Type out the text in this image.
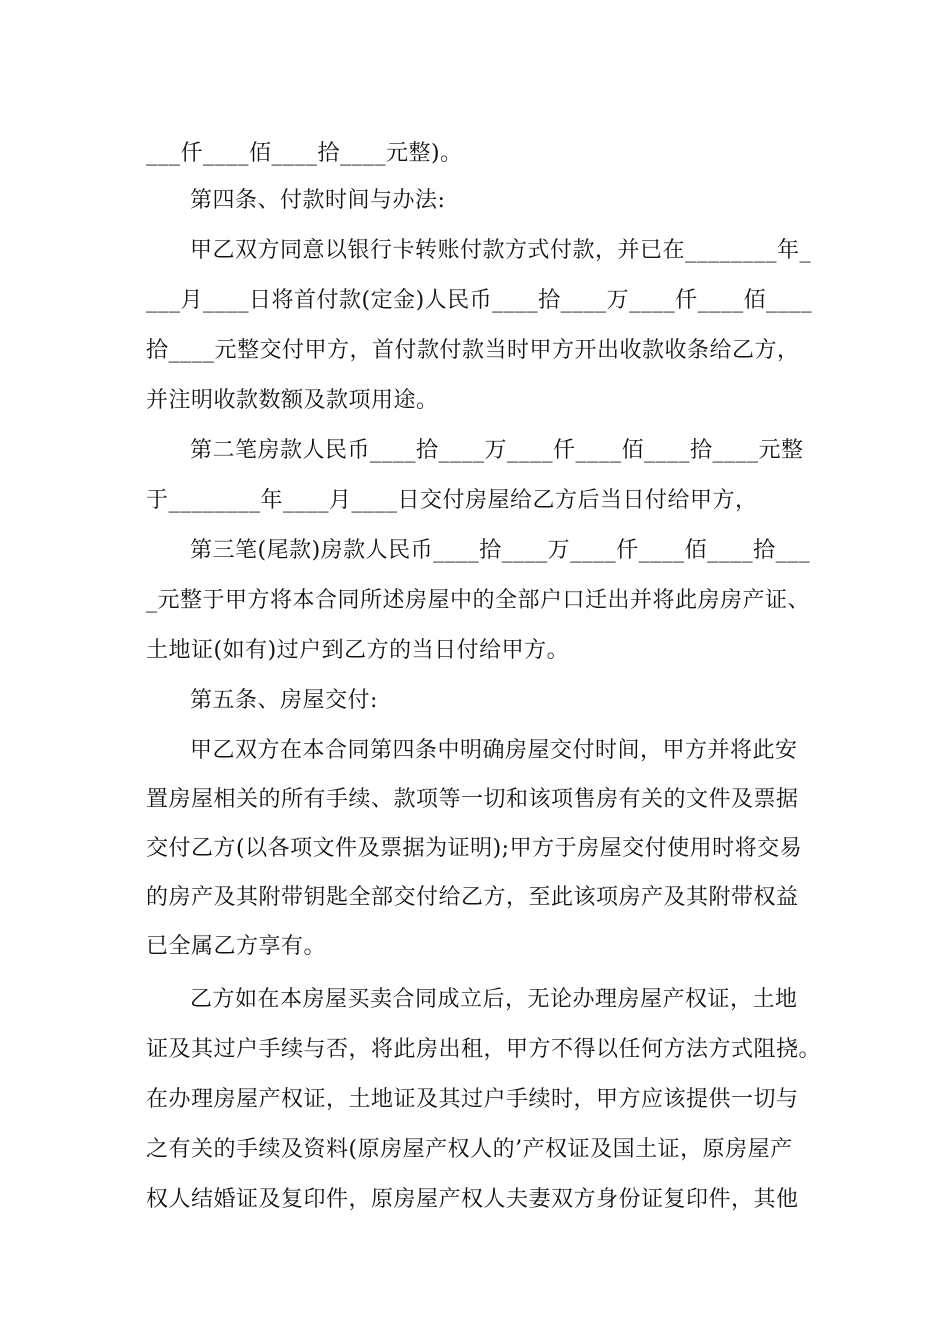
___仟____佰____拾____元整)。
第四条、付款时间与办法:
甲乙双方同意以银行卡转账付款方式付款，并已在________年_
___月____日将首付款(定金)人民币____拾____万____仟____佰____
拾____元整交付甲方，首付款付款当时甲方开出收款收条给乙方，
并注明收款数额及款项用途。
第二笔房款人民币____拾____万____仟____佰____拾____元整
于________年____月____日交付房屋给乙方后当日付给甲方，
第三笔(尾款)房款人民币____拾____万____仟____佰____拾___
_元整于甲方将本合同所述房屋中的全部户口迁出并将此房房产证、
土地证(如有)过户到乙方的当日付给甲方。
第五条、房屋交付:
甲乙双方在本合同第四条中明确房屋交付时间，甲方并将此安
置房屋相关的所有手续、款项等一切和该项售房有关的文件及票据
交付乙方(以各项文件及票据为证明);甲方于房屋交付使用时将交易
的房产及其附带钥匙全部交付给乙方，至此该项房产及其附带权益
已全属乙方享有。
乙方如在本房屋买卖合同成立后，无论办理房屋产权证，土地
证及其过户手续与否，将此房出租，甲方不得以任何方法方式阻挠。
在办理房屋产权证，土地证及其过户手续时，甲方应该提供一切与
之有关的手续及资料(原房屋产权人的’产权证及国土证，原房屋产
权人结婚证及复印件，原房屋产权人夫妻双方身份证复印件，其他
